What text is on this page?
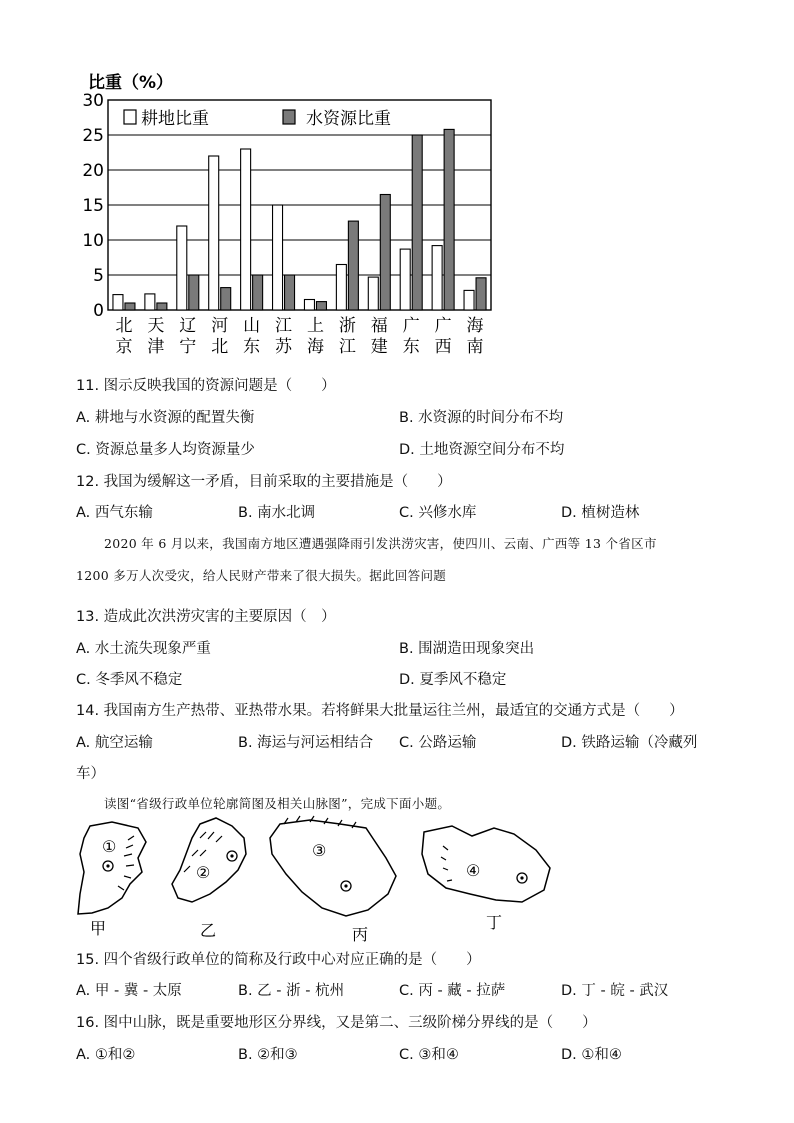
比重（%）
0
5
10
15
20
25
30
北
京
天
津
辽
宁
河
北
山
东
江
苏
上
海
浙
江
福
建
广
东
广
西
海
南
耕地比重	水资源比重
11. 图示反映我国的资源问题是（　　）
A. 耕地与水资源的配置失衡	B. 水资源的时间分布不均
C. 资源总量多人均资源量少	D. 土地资源空间分布不均
12. 我国为缓解这一矛盾，目前采取的主要措施是（　　）
A. 西气东输	B. 南水北调	C. 兴修水库	D. 植树造林
2020 年 6 月以来，我国南方地区遭遇强降雨引发洪涝灾害，使四川、云南、广西等 13 个省区市
1200 多万人次受灾，给人民财产带来了很大损失。据此回答问题
13. 造成此次洪涝灾害的主要原因（　）
A. 水土流失现象严重	B. 围湖造田现象突出
C. 冬季风不稳定	D. 夏季风不稳定
14. 我国南方生产热带、亚热带水果。若将鲜果大批量运往兰州，最适宜的交通方式是（　　）
A. 航空运输	B. 海运与河运相结合 C. 公路运输	D. 铁路运输（冷藏列
车）
读图“省级行政单位轮廓简图及相关山脉图”，完成下面小题。
①
甲
②
乙
③
丙
④
丁
15. 四个省级行政单位的简称及行政中心对应正确的是（　　）
A. 甲 - 冀 - 太原	B. 乙 - 浙 - 杭州	C. 丙 - 藏 - 拉萨	D. 丁 - 皖 - 武汉
16. 图中山脉，既是重要地形区分界线，又是第二、三级阶梯分界线的是（　　）
A. ①和②	B. ②和③	C. ③和④	D. ①和④
